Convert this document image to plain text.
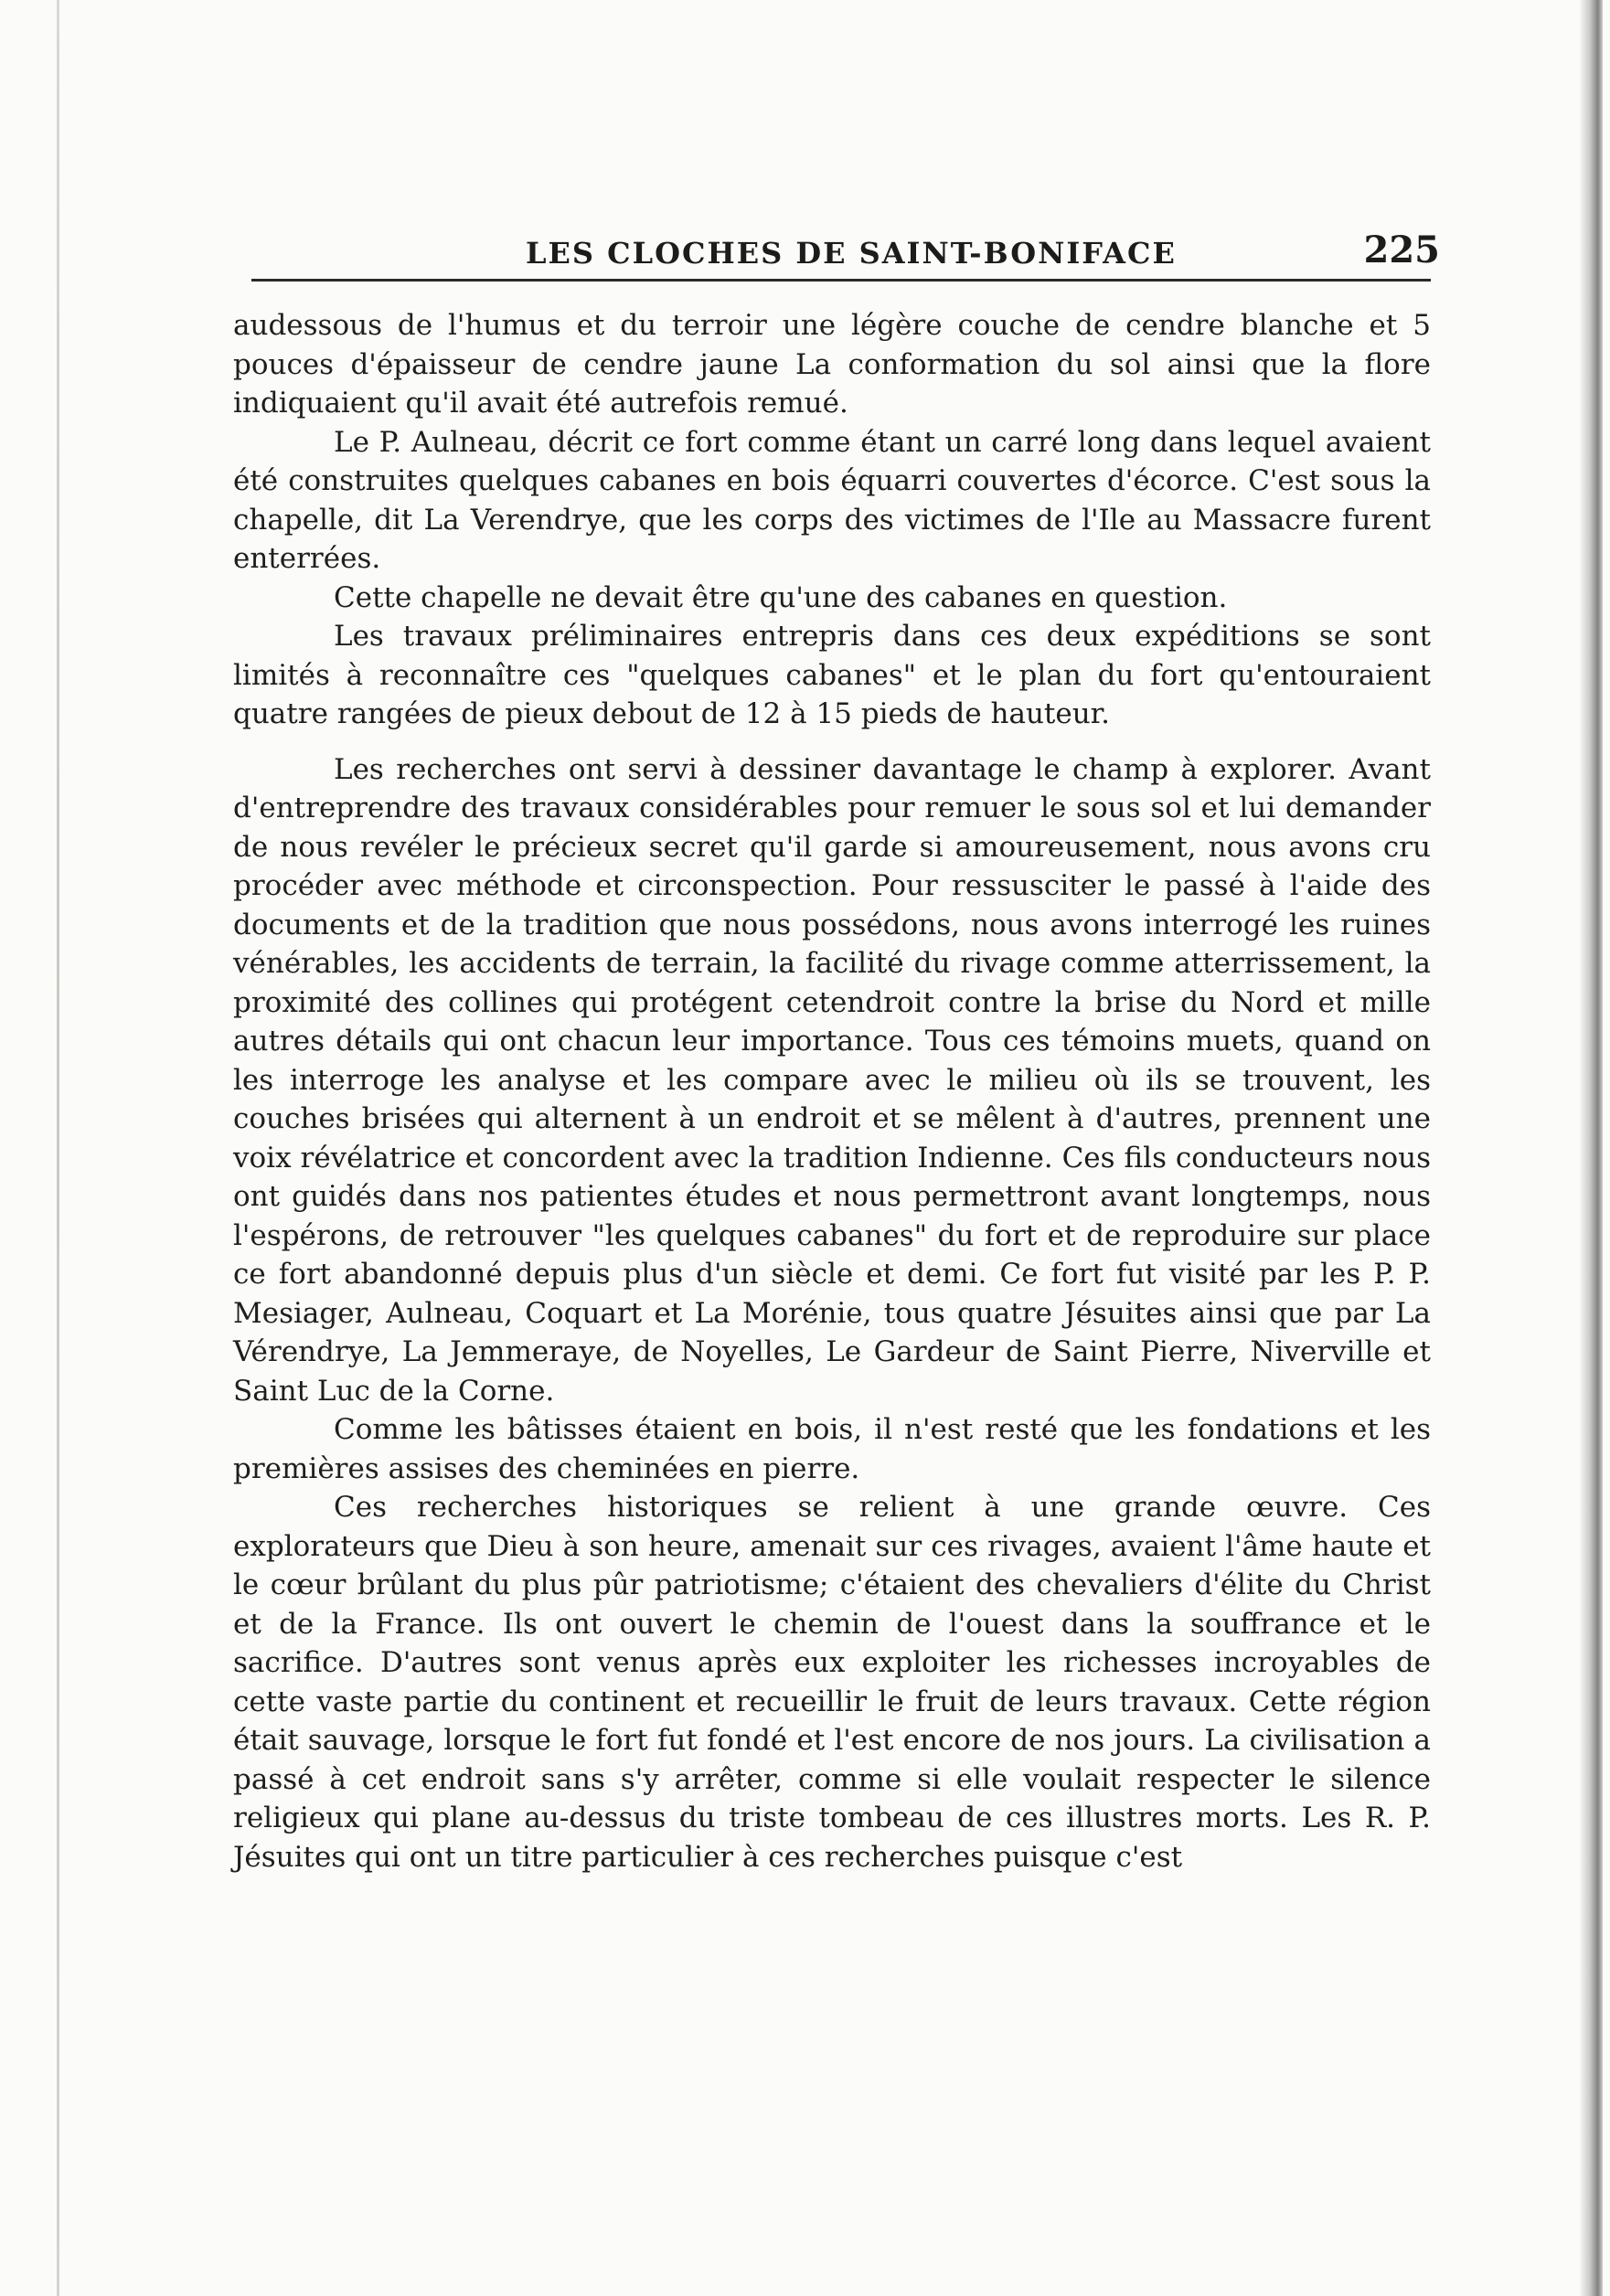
LES CLOCHES DE SAINT-BONIFACE	225

audessous de l'humus et du terroir une légère couche de cendre blanche et 5 pouces d'épaisseur de cendre jaune La conformation du sol ainsi que la flore indiquaient qu'il avait été autrefois remué.

Le P. Aulneau, décrit ce fort comme étant un carré long dans lequel avaient été construites quelques cabanes en bois équarri couvertes d'écorce. C'est sous la chapelle, dit La Verendrye, que les corps des victimes de l'Ile au Massacre furent enterrées.

Cette chapelle ne devait être qu'une des cabanes en question.

Les travaux préliminaires entrepris dans ces deux expéditions se sont limités à reconnaître ces "quelques cabanes" et le plan du fort qu'entouraient quatre rangées de pieux debout de 12 à 15 pieds de hauteur.

Les recherches ont servi à dessiner davantage le champ à explorer. Avant d'entreprendre des travaux considérables pour remuer le sous sol et lui demander de nous revéler le précieux secret qu'il garde si amoureusement, nous avons cru procéder avec méthode et circonspection. Pour ressusciter le passé à l'aide des documents et de la tradition que nous possédons, nous avons interrogé les ruines vénérables, les accidents de terrain, la facilité du rivage comme atterrissement, la proximité des collines qui protégent cetendroit contre la brise du Nord et mille autres détails qui ont chacun leur importance. Tous ces témoins muets, quand on les interroge les analyse et les compare avec le milieu où ils se trouvent, les couches brisées qui alternent à un endroit et se mêlent à d'autres, prennent une voix révélatrice et concordent avec la tradition Indienne. Ces fils conducteurs nous ont guidés dans nos patientes études et nous permettront avant longtemps, nous l'espérons, de retrouver "les quelques cabanes" du fort et de reproduire sur place ce fort abandonné depuis plus d'un siècle et demi. Ce fort fut visité par les P. P. Mesiager, Aulneau, Coquart et La Morénie, tous quatre Jésuites ainsi que par La Vérendrye, La Jemmeraye, de Noyelles, Le Gardeur de Saint Pierre, Niverville et Saint Luc de la Corne.

Comme les bâtisses étaient en bois, il n'est resté que les fondations et les premières assises des cheminées en pierre.

Ces recherches historiques se relient à une grande œuvre. Ces explorateurs que Dieu à son heure, amenait sur ces rivages, avaient l'âme haute et le cœur brûlant du plus pûr patriotisme; c'étaient des chevaliers d'élite du Christ et de la France. Ils ont ouvert le chemin de l'ouest dans la souffrance et le sacrifice. D'autres sont venus après eux exploiter les richesses incroyables de cette vaste partie du continent et recueillir le fruit de leurs travaux. Cette région était sauvage, lorsque le fort fut fondé et l'est encore de nos jours. La civilisation a passé à cet endroit sans s'y arrêter, comme si elle voulait respecter le silence religieux qui plane au-dessus du triste tombeau de ces illustres morts. Les R. P. Jésuites qui ont un titre particulier à ces recherches puisque c'est
